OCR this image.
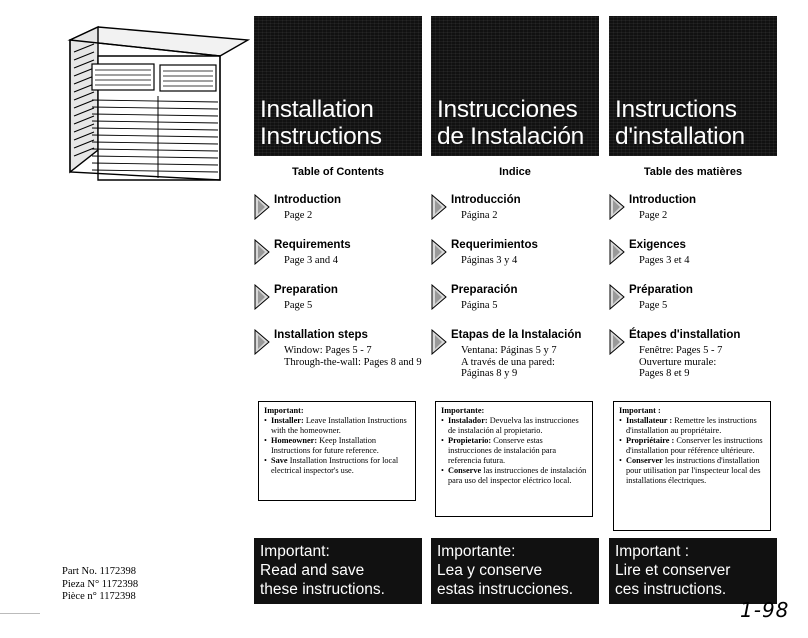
Installation
Instructions
Table of Contents
Introduction
Page 2
Requirements
Page 3 and 4
Preparation
Page 5
Installation steps
Window: Pages 5 - 7
Through-the-wall: Pages 8 and 9
Important:
• Installer: Leave Installation Instructions with the homeowner.
• Homeowner: Keep Installation Instructions for future reference.
• Save Installation Instructions for local electrical inspector's use.
Important:
Read and save
these instructions.
Instrucciones
de Instalación
Indice
Introducción
Página 2
Requerimientos
Páginas 3 y 4
Preparación
Página 5
Etapas de la Instalación
Ventana: Páginas 5 y 7
A través de una pared:
Páginas 8 y 9
Importante:
• Instalador: Devuelva las instrucciones de instalación al propietario.
• Propietario: Conserve estas instrucciones de instalación para referencia futura.
• Conserve las instrucciones de instalación para uso del inspector eléctrico local.
Importante:
Lea y conserve
estas instrucciones.
Instructions
d'installation
Table des matières
Introduction
Page 2
Exigences
Pages 3 et 4
Préparation
Page 5
Étapes d'installation
Fenêtre: Pages 5 - 7
Ouverture murale:
Pages 8 et 9
Important :
• Installateur : Remettre les instructions d'installation au propriétaire.
• Propriétaire : Conserver les instructions d'installation pour référence ultérieure.
• Conserver les instructions d'installation pour utilisation par l'inspecteur local des installations électriques.
Important :
Lire et conserver
ces instructions.
Part No. 1172398
Pieza N° 1172398
Pièce n° 1172398
1-98
